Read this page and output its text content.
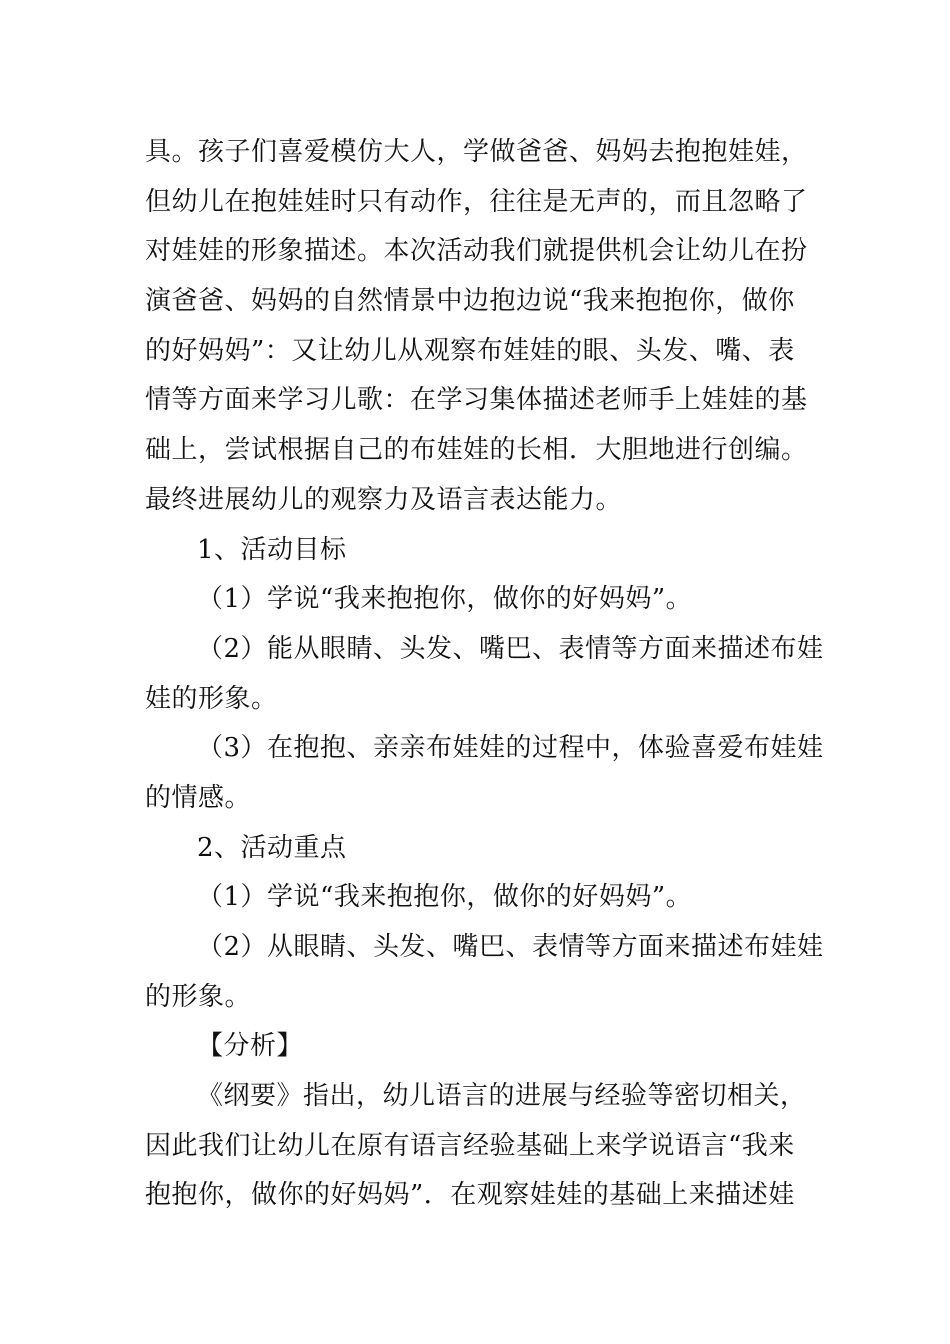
具。孩子们喜爱模仿大人，学做爸爸、妈妈去抱抱娃娃，
但幼儿在抱娃娃时只有动作，往往是无声的，而且忽略了
对娃娃的形象描述。本次活动我们就提供机会让幼儿在扮
演爸爸、妈妈的自然情景中边抱边说“我来抱抱你，做你
的好妈妈”：又让幼儿从观察布娃娃的眼、头发、嘴、表
情等方面来学习儿歌：在学习集体描述老师手上娃娃的基
础上，尝试根据自己的布娃娃的长相．大胆地进行创编。
最终进展幼儿的观察力及语言表达能力。
1、活动目标
（1）学说“我来抱抱你，做你的好妈妈”。
（2）能从眼睛、头发、嘴巴、表情等方面来描述布娃
娃的形象。
（3）在抱抱、亲亲布娃娃的过程中，体验喜爱布娃娃
的情感。
2、活动重点
（1）学说“我来抱抱你，做你的好妈妈”。
（2）从眼睛、头发、嘴巴、表情等方面来描述布娃娃
的形象。
【分析】
《纲要》指出，幼儿语言的进展与经验等密切相关，
因此我们让幼儿在原有语言经验基础上来学说语言“我来
抱抱你，做你的好妈妈”．在观察娃娃的基础上来描述娃
